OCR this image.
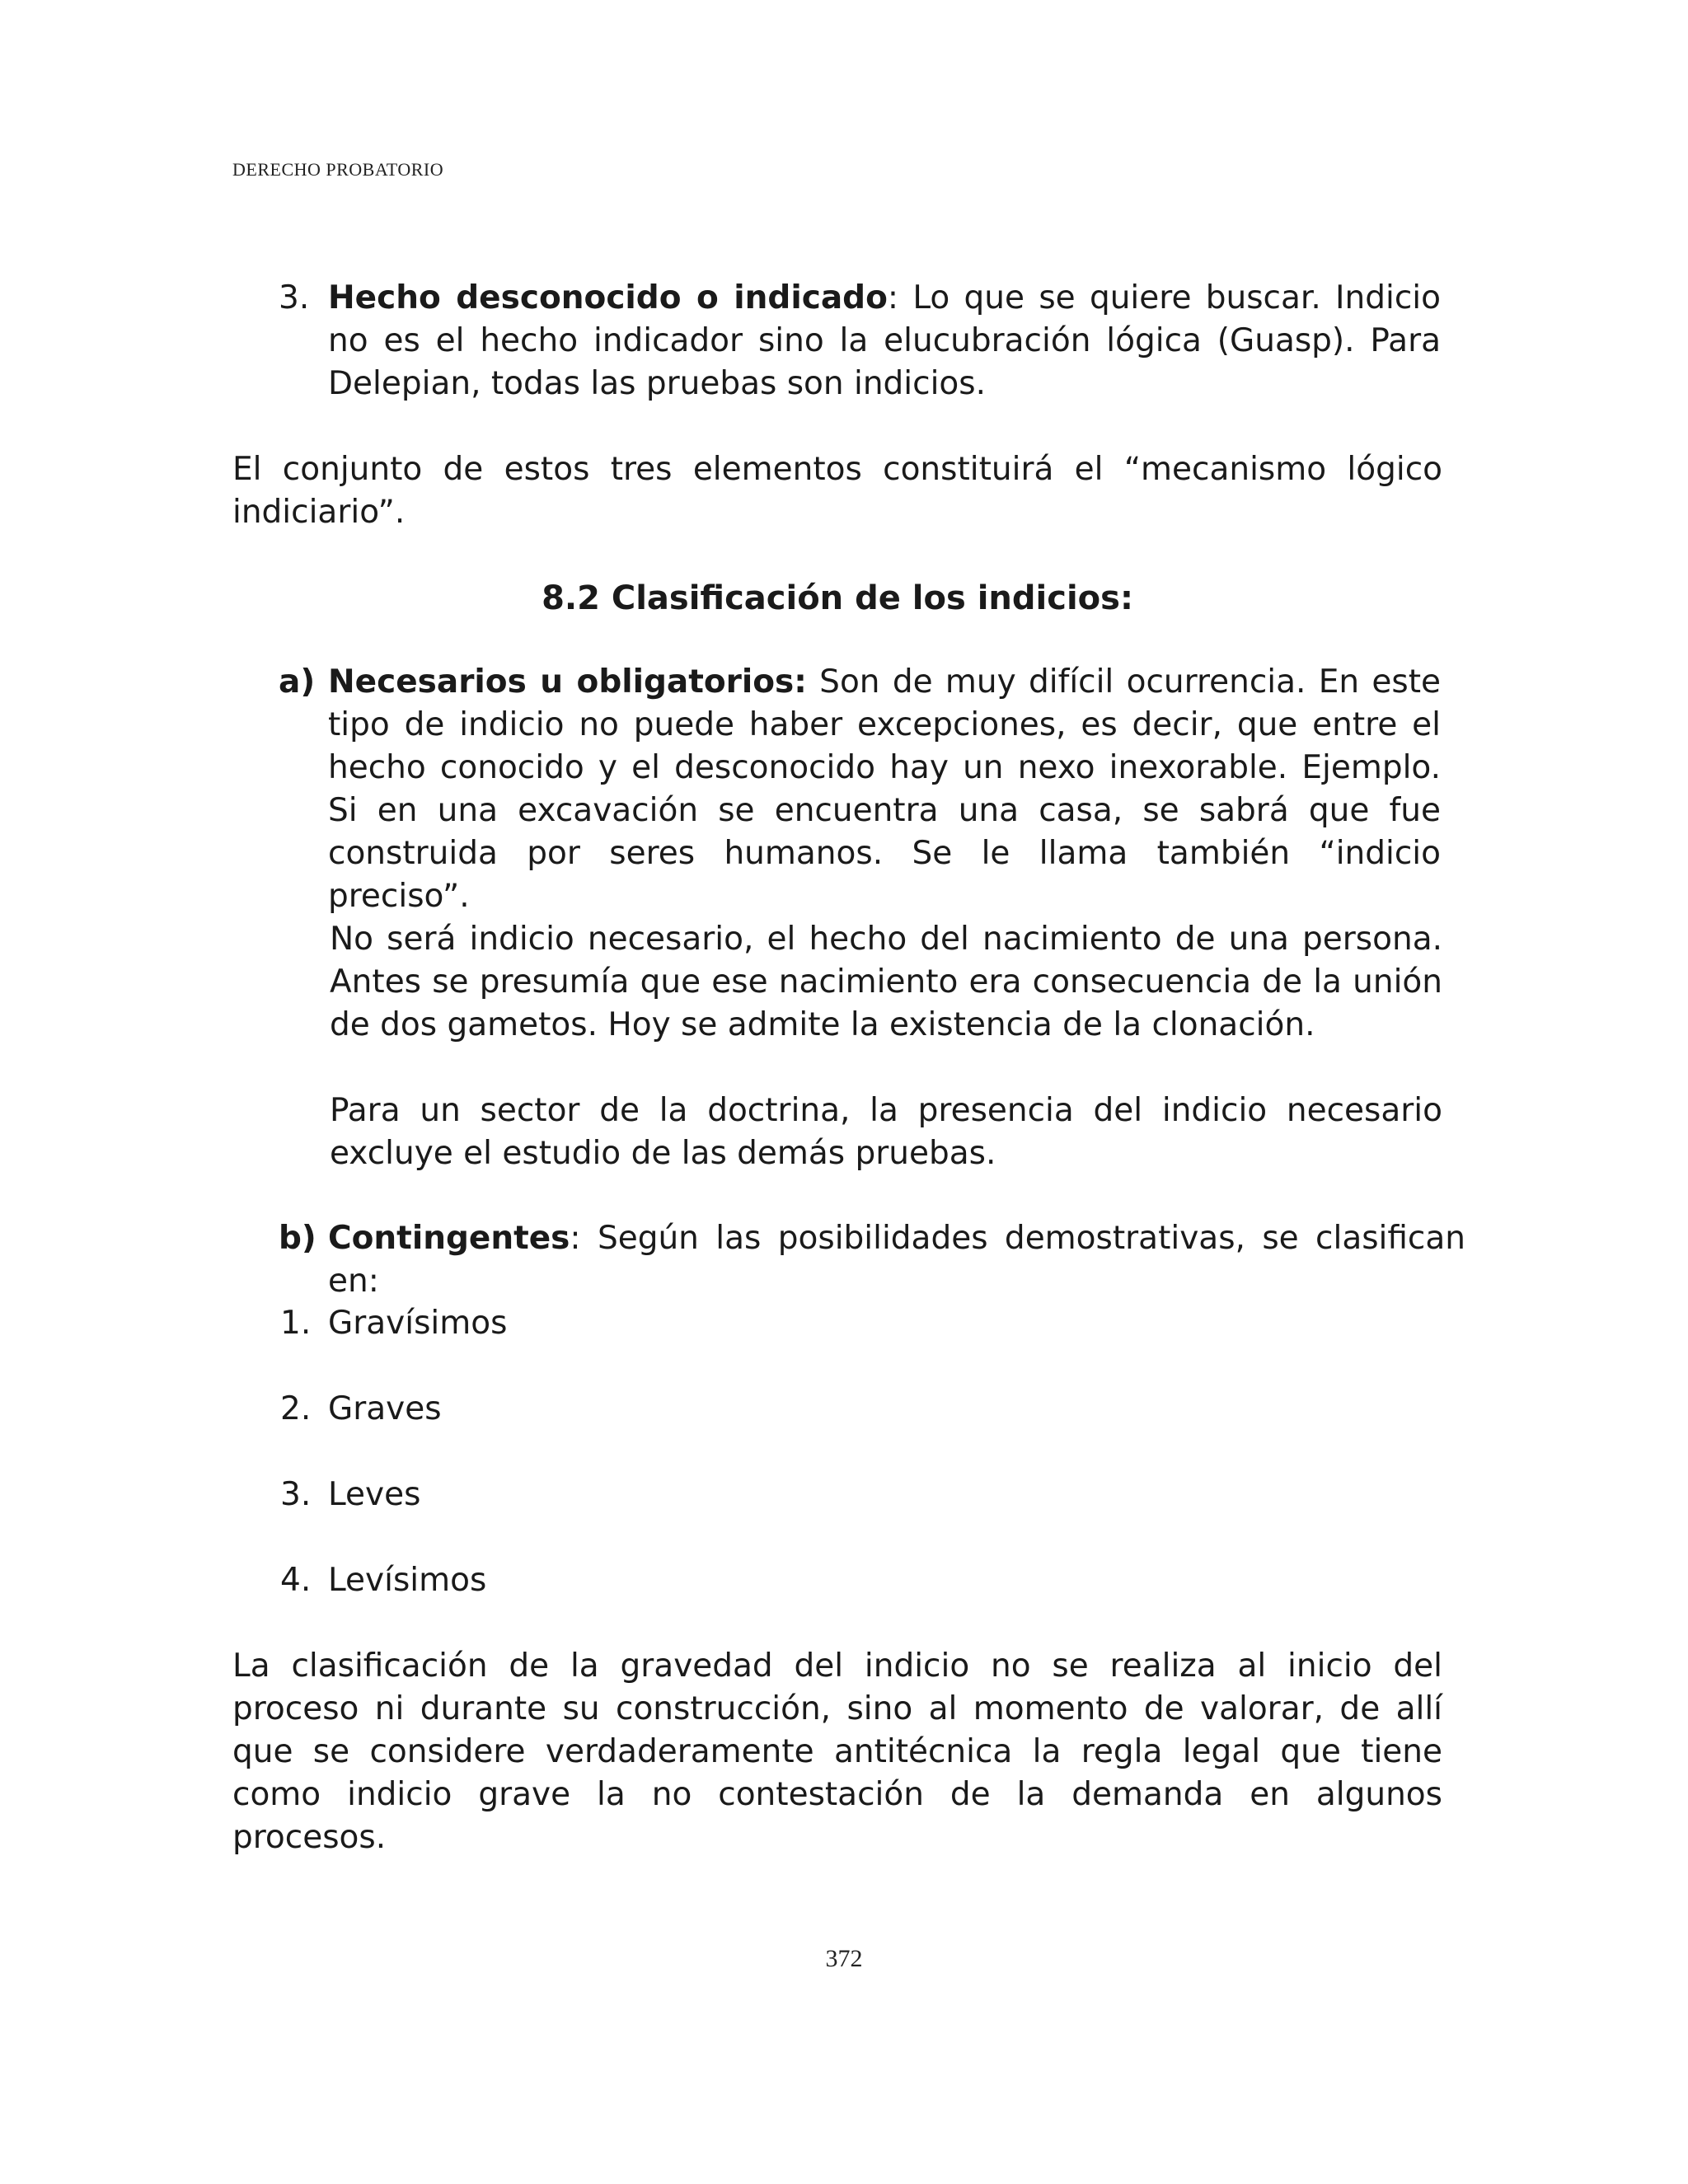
DERECHO PROBATORIO
3. Hecho desconocido o indicado: Lo que se quiere buscar. Indicio no es el hecho indicador sino la elucubración lógica (Guasp). Para Delepian, todas las pruebas son indicios.
El conjunto de estos tres elementos constituirá el “mecanismo lógico indiciario”.
8.2 Clasificación de los indicios:
a) Necesarios u obligatorios: Son de muy difícil ocurrencia. En este tipo de indicio no puede haber excepciones, es decir, que entre el hecho conocido y el desconocido hay un nexo inexorable. Ejemplo. Si en una excavación se encuentra una casa, se sabrá que fue construida por seres humanos. Se le llama también “indicio preciso”.
No será indicio necesario, el hecho del nacimiento de una persona. Antes se presumía que ese nacimiento era consecuencia de la unión de dos gametos. Hoy se admite la existencia de la clonación.
Para un sector de la doctrina, la presencia del indicio necesario excluye el estudio de las demás pruebas.
b) Contingentes: Según las posibilidades demostrativas, se clasifican en:
1. Gravísimos
2. Graves
3. Leves
4. Levísimos
La clasificación de la gravedad del indicio no se realiza al inicio del proceso ni durante su construcción, sino al momento de valorar, de allí que se considere verdaderamente antitécnica la regla legal que tiene como indicio grave la no contestación de la demanda en algunos procesos.
372
